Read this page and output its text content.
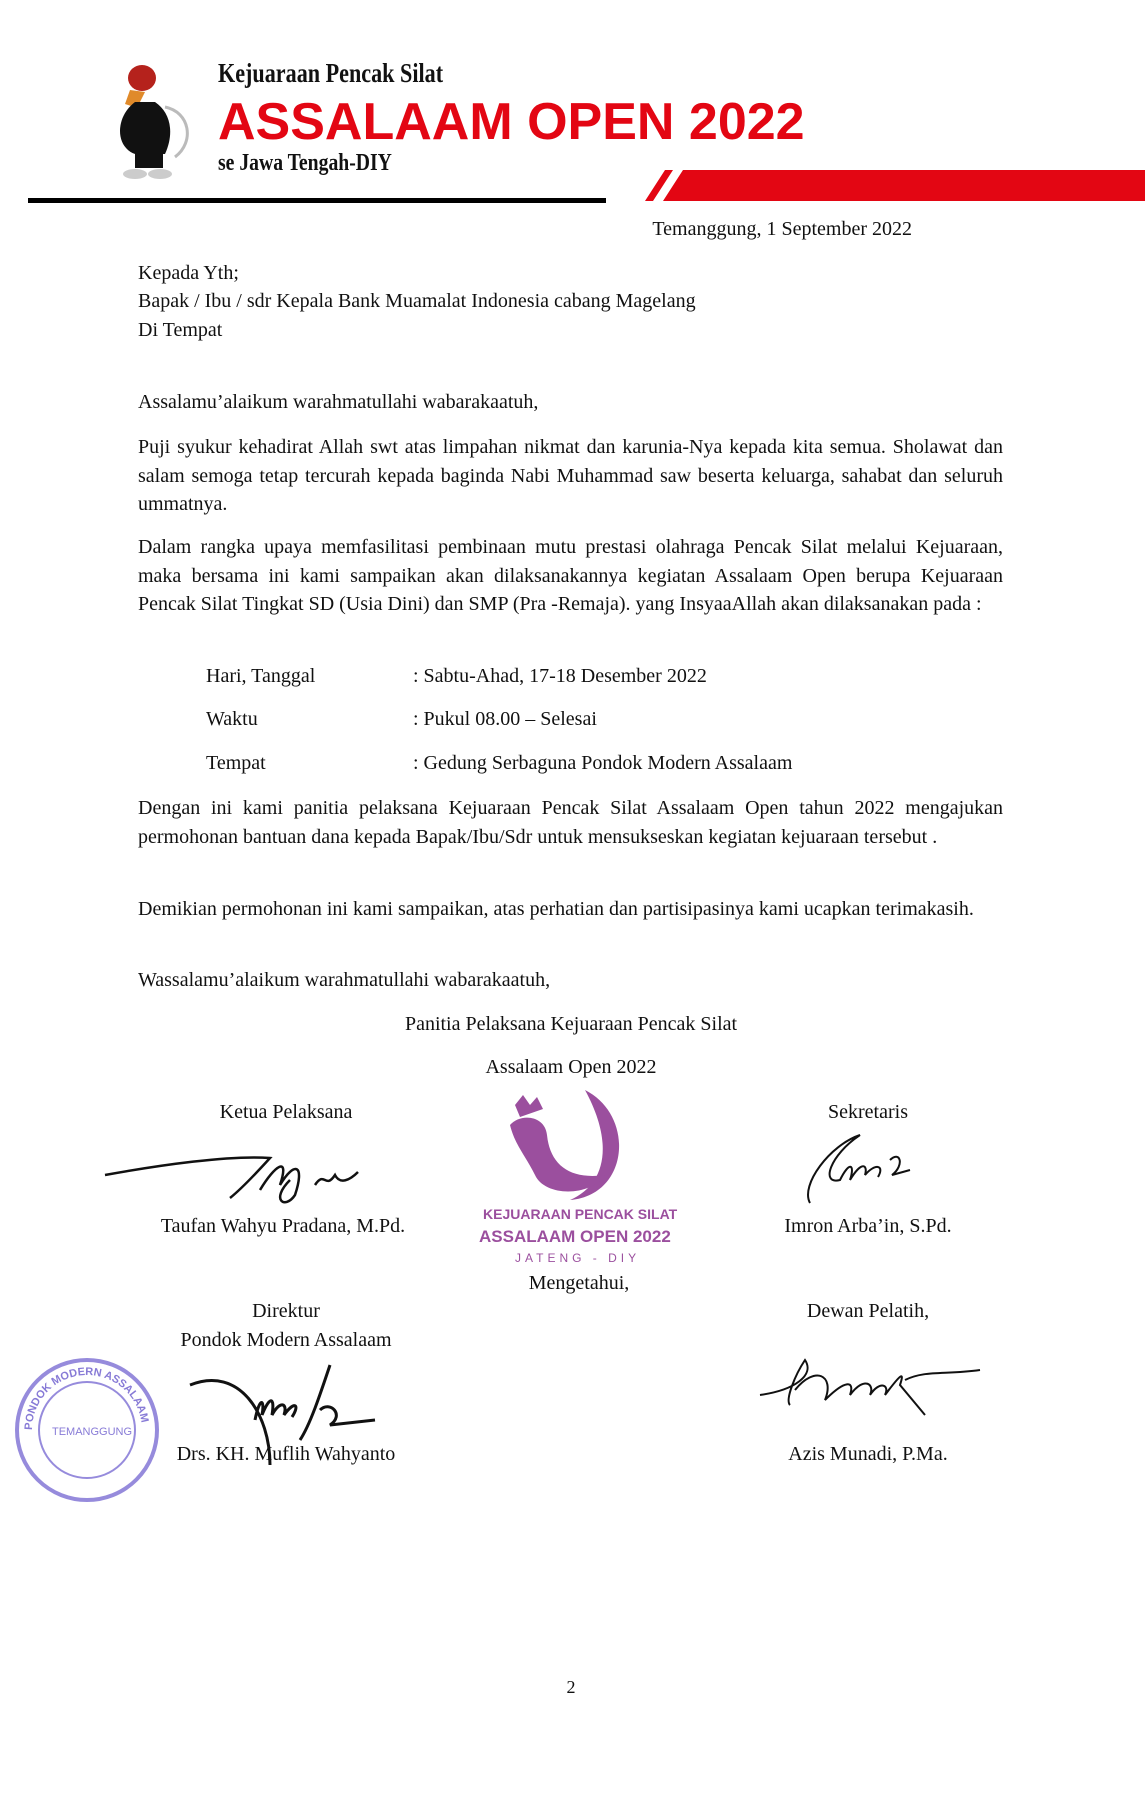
Kejuaraan Pencak Silat
ASSALAAM OPEN 2022
se Jawa Tengah-DIY
Temanggung, 1 September 2022
Kepada Yth;
Bapak / Ibu / sdr Kepala Bank Muamalat Indonesia cabang Magelang
Di Tempat
Assalamu’alaikum warahmatullahi wabarakaatuh,
Puji syukur kehadirat Allah swt atas limpahan nikmat dan karunia-Nya kepada kita semua. Sholawat dan salam semoga tetap tercurah kepada baginda Nabi Muhammad saw beserta keluarga, sahabat dan seluruh ummatnya.
Dalam rangka upaya memfasilitasi pembinaan mutu prestasi olahraga Pencak Silat melalui Kejuaraan, maka bersama ini kami sampaikan akan dilaksanakannya kegiatan Assalaam Open berupa Kejuaraan Pencak Silat Tingkat SD (Usia Dini) dan SMP (Pra -Remaja). yang InsyaaAllah akan dilaksanakan pada :
Hari, Tanggal	: Sabtu-Ahad, 17-18 Desember 2022
Waktu	: Pukul 08.00 – Selesai
Tempat	: Gedung Serbaguna Pondok Modern Assalaam
Dengan ini kami panitia pelaksana Kejuaraan Pencak Silat Assalaam Open tahun 2022 mengajukan permohonan bantuan dana kepada Bapak/Ibu/Sdr untuk mensukseskan kegiatan kejuaraan tersebut .
Demikian permohonan ini kami sampaikan, atas perhatian dan partisipasinya kami ucapkan terimakasih.
Wassalamu’alaikum warahmatullahi wabarakaatuh,
Panitia Pelaksana Kejuaraan Pencak Silat
Assalaam Open 2022
KEJUARAAN PENCAK SILAT
ASSALAAM OPEN 2022
JATENG - DIY
Ketua Pelaksana
Taufan Wahyu Pradana, M.Pd.
Sekretaris
Imron Arba’in, S.Pd.
Mengetahui,
TEMANGGUNG
PONDOK MODERN ASSALAAM
Direktur
Pondok Modern Assalaam
Drs. KH. Muflih Wahyanto
Dewan Pelatih,
Azis Munadi, P.Ma.
2
